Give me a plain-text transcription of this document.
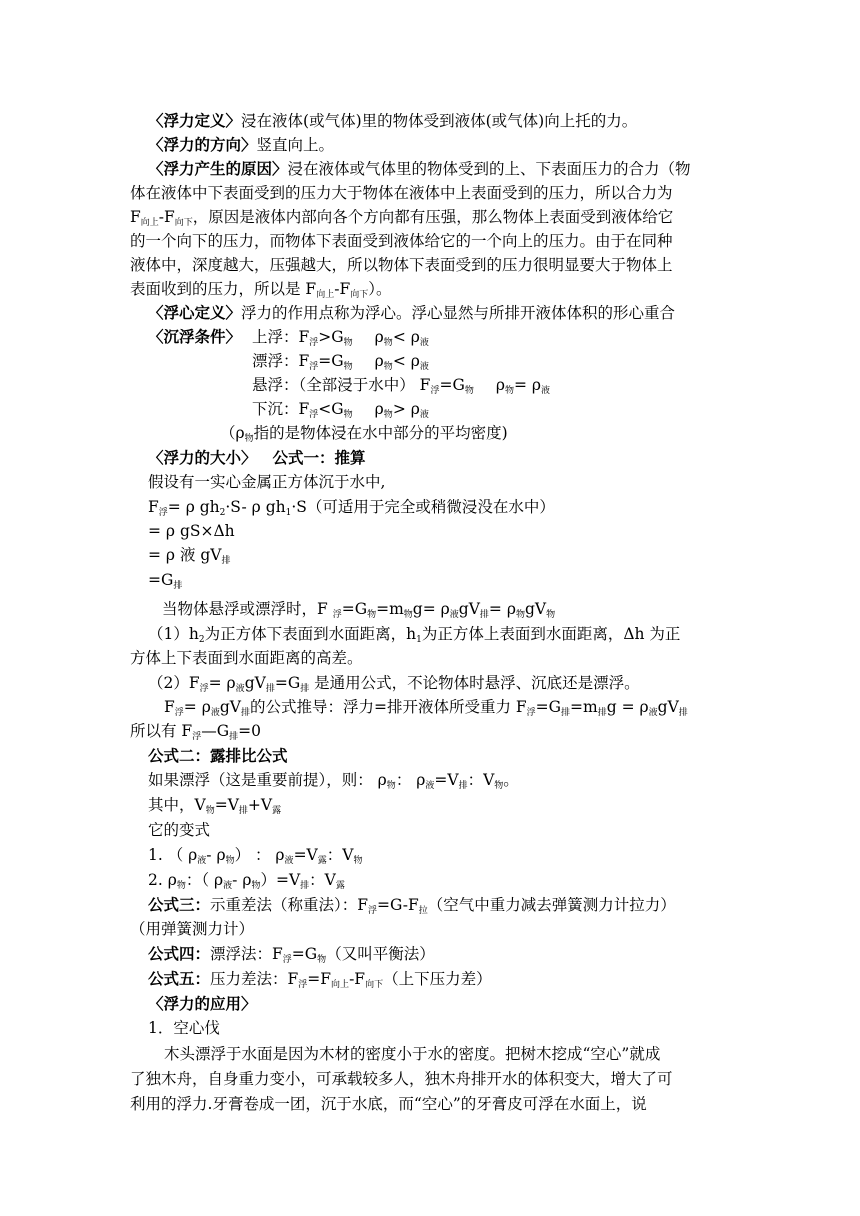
〈浮力定义〉浸在液体(或气体)里的物体受到液体(或气体)向上托的力。
〈浮力的方向〉竖直向上。
〈浮力产生的原因〉浸在液体或气体里的物体受到的上、下表面压力的合力（物
体在液体中下表面受到的压力大于物体在液体中上表面受到的压力，所以合力为
$F_{向上}-F_{向下}$，原因是液体内部向各个方向都有压强，那么物体上表面受到液体给它
的一个向下的压力，而物体下表面受到液体给它的一个向上的压力。由于在同种
液体中，深度越大，压强越大，所以物体下表面受到的压力很明显要大于物体上
表面收到的压力，所以是 $F_{向上}-F_{向下}$）。
〈浮心定义〉浮力的作用点称为浮心。浮心显然与所排开液体体积的形心重合
〈沉浮条件〉 上浮：$F_浮>G_物$ $\rho_物< \rho_液$
漂浮：$F_浮=G_物$ $\rho_物< \rho_液$
悬浮：（全部浸于水中） $F_浮=G_物$ $\rho_物= \rho_液$
下沉：$F_浮<G_物$ $\rho_物> \rho_液$
（$\rho_物$指的是物体浸在水中部分的平均密度)
〈浮力的大小〉 公式一：推算
假设有一实心金属正方体沉于水中,
$F_浮= \rho$ $gh_2\cdot S-$ ρ $gh_1\cdot S$（可适用于完全或稍微浸没在水中）
= ρ gS×Δh
= ρ 液 $gV_排$
$=G_排$
当物体悬浮或漂浮时，F $_浮=G_物=m_物g= \rho_液gV_排= \rho_物gV_物$
$(1)h_2$为正方体下表面到水面距离，$h_1$为正方体上表面到水面距离，Δh 为正
方体上下表面到水面距离的高差。
$(2)F_浮= \rho_液gV_排=G_排$ 是通用公式，不论物体时悬浮、沉底还是漂浮。
$F_浮= \rho_液gV_排$的公式推导：浮力=排开液体所受重力 $F_浮=G_排=m_排g = \rho_液gV_排$
所以有 $F_浮—G_排=0$
公式二：露排比公式
如果漂浮（这是重要前提），则： $\rho_物$： $\rho_液=V_排$：$V_物$。
其中，$V_物=V_排+V_露$
它的变式
1. （ $\rho_液-$ $\rho_物$） ： $\rho_液=V_露$：$V_物$
2. $\rho_物$：（ $\rho_液-$ $\rho_物)=V_排$：$V_露$
公式三：示重差法（称重法）：$F_浮=G-F_拉$（空气中重力减去弹簧测力计拉力）
（用弹簧测力计）
公式四：漂浮法：$F_浮=G_物$（又叫平衡法）
公式五：压力差法：$F_浮=F_{向上}-F_{向下}$（上下压力差）
〈浮力的应用〉
1．空心伐
木头漂浮于水面是因为木材的密度小于水的密度。把树木挖成“空心”就成
了独木舟，自身重力变小，可承载较多人，独木舟排开水的体积变大，增大了可
利用的浮力.牙膏卷成一团，沉于水底，而“空心”的牙膏皮可浮在水面上，说
